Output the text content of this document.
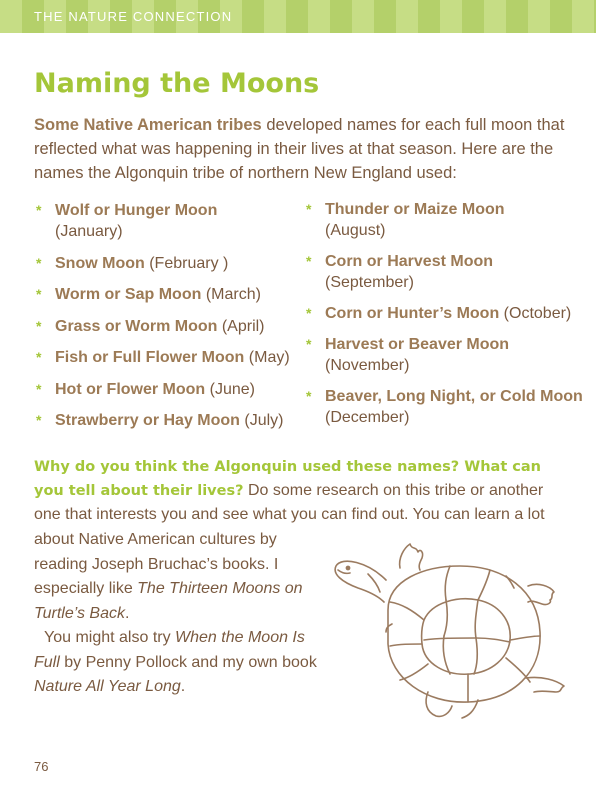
THE NATURE CONNECTION
Naming the Moons

Some Native American tribes developed names for each full moon that reflected what was happening in their lives at that season. Here are the names the Algonquin tribe of northern New England used:

* Wolf or Hunger Moon
(January)
* Snow Moon (February )
* Worm or Sap Moon (March)
* Grass or Worm Moon (April)
* Fish or Full Flower Moon (May)
* Hot or Flower Moon (June)
* Strawberry or Hay Moon (July)
* Thunder or Maize Moon
(August)
* Corn or Harvest Moon
(September)
* Corn or Hunter’s Moon (October)
* Harvest or Beaver Moon
(November)
* Beaver, Long Night, or Cold Moon (December)

Why do you think the Algonquin used these names? What can you tell about their lives? Do some research on this tribe or another one that interests you and see what you can find out. You can learn a lot

about Native American cultures by reading Joseph Bruchac’s books. I especially like The Thirteen Moons on Turtle’s Back.

You might also try When the Moon Is Full by Penny Pollock and my own book Nature All Year Long.

76
